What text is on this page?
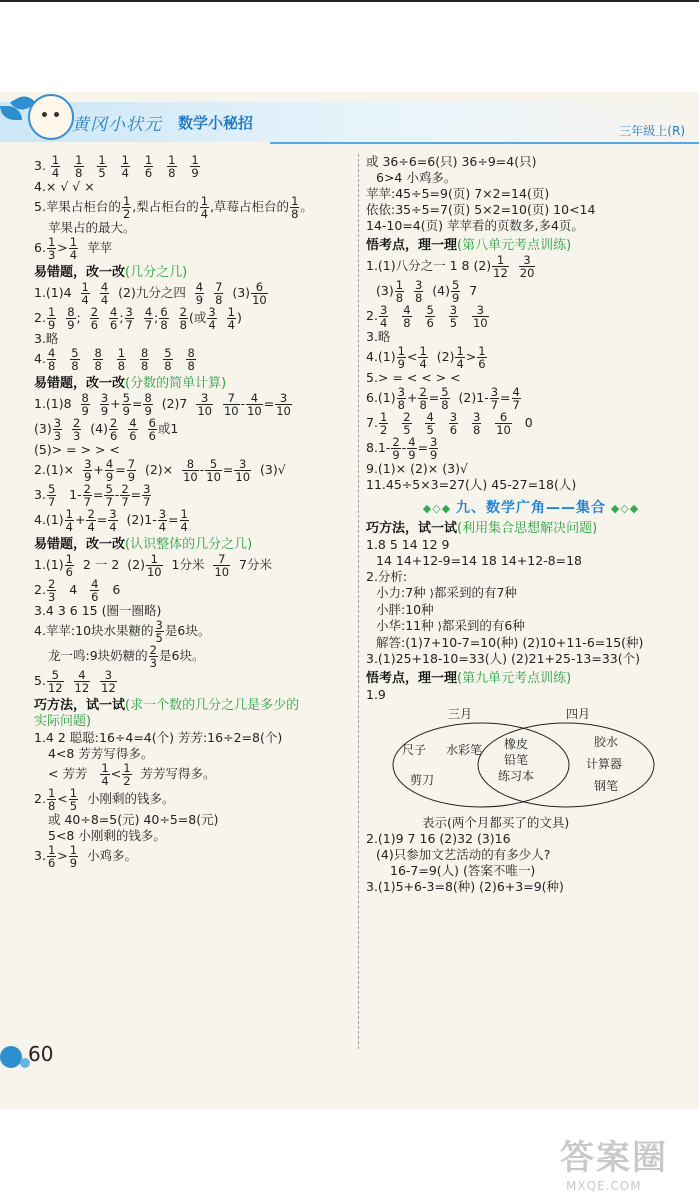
黄冈小状元 数学小秘招	三年级上(R)

3. $\frac{1}{4}$
$\frac{1}{8}$
$\frac{1}{5}$
$\frac{1}{4}$
$\frac{1}{6}$
$\frac{1}{8}$
$\frac{1}{9}$

4.× √ √ ×

5.苹果占柜台的 $\frac{1}{2}$ ,梨占柜台的 $\frac{1}{4}$ ,草莓占柜台的 $\frac{1}{8}$ 。

苹果占的最大。

6. $\frac{1}{3} > \frac{1}{4}$ 苹苹

易错题，改一改(几分之几)

$1.(1)4 \frac{1}{4}$
$\frac{4}{4} (2)$九分之四 $\frac{4}{9}$
$\frac{7}{8} (3) \frac{6}{10}$

2. $\frac{1}{9}$
$\frac{8}{9}$ ; $\frac{2}{6}$
$\frac{4}{6}$ ; $\frac{3}{7}$
$\frac{4}{7}$ ; $\frac{6}{8}$
$\frac{2}{8}$ (或 $\frac{3}{4}$
$\frac{1}{4}$ )

3.略

4. $\frac{4}{8}$
$\frac{5}{8}$
$\frac{8}{8}$
$\frac{1}{8}$
$\frac{8}{8}$
$\frac{5}{8}$
$\frac{8}{8}$

易错题，改一改(分数的简单计算)

$1.(1)8 \frac{8}{9}$
$\frac{3}{9} + \frac{5}{9} = \frac{8}{9} (2)7 \frac{3}{10}$
$\frac{7}{10} - \frac{4}{10} = \frac{3}{10}$

$(3) \frac{3}{3}$
$\frac{2}{3} (4) \frac{2}{6}$
$\frac{4}{6}$
$\frac{6}{6}$ 或1

(5)> = > > <

$2.(1)\times \frac{3}{9} + \frac{4}{9} = \frac{7}{9} (2)\times \frac{8}{10} - \frac{5}{10} = \frac{3}{10} (3)√$

3. $\frac{5}{7} 1- \frac{2}{7} = \frac{5}{7} - \frac{2}{7} = \frac{3}{7}$

$4.(1) \frac{1}{4} + \frac{2}{4} = \frac{3}{4} (2)1- \frac{3}{4} = \frac{1}{4}$

易错题，改一改(认识整体的几分之几)

$1.(1) \frac{1}{6} 2$ 一 2 $(2) \frac{1}{10} 1$分米 $\frac{7}{10} 7$分米

2. $\frac{2}{3} 4 \frac{4}{6} 6$

3.4 3 6 15 (圈一圈略)

4.苹苹:10块水果糖的 $\frac{3}{5}$ 是6块。

龙一鸣:9块奶糖的 $\frac{2}{3}$ 是6块。

5. $\frac{5}{12}$
$\frac{4}{12}$
$\frac{3}{12}$

巧方法，试一试(求一个数的几分之几是多少的

实际问题)

1.4 2 聪聪:16÷4=4(个) 芳芳:16÷2=8(个)

4<8 芳芳写得多。

< 芳芳 $\frac{1}{4} < \frac{1}{2}$ 芳芳写得多。

2. $\frac{1}{8} < \frac{1}{5}$ 小刚剩的钱多。

或 40÷8=5(元) 40÷5=8(元)

5<8 小刚剩的钱多。

3. $\frac{1}{6} > \frac{1}{9}$ 小鸡多。

或 36÷6=6(只) 36÷9=4(只)

6>4 小鸡多。

苹苹:45÷5=9(页) 7×2=14(页)

依依:35÷5=7(页) 5×2=10(页) 10<14

14-10=4(页) 苹苹看的页数多,多4页。

悟考点，理一理(第八单元考点训练)

1.(1)八分之一 1 8 $(2) \frac{1}{12}$
$\frac{3}{20}$

$(3) \frac{1}{8}$
$\frac{3}{8} (4) \frac{5}{9} 7$

2. $\frac{3}{4}$
$\frac{4}{8}$
$\frac{5}{6}$
$\frac{3}{5}$
$\frac{3}{10}$

3.略

$4.(1) \frac{1}{9} < \frac{1}{4} (2) \frac{1}{4} > \frac{1}{6}$

5.> = < < > <

$6.(1) \frac{3}{8} + \frac{2}{8} = \frac{5}{8} (2)1- \frac{3}{7} = \frac{4}{7}$

7. $\frac{1}{2}$
$\frac{2}{5}$
$\frac{4}{5}$
$\frac{3}{6}$
$\frac{3}{8}$
$\frac{6}{10} 0$

$8.1- \frac{2}{9} - \frac{4}{9} = \frac{3}{9}$

9.(1)× (2)× (3)√

11.45÷5×3=27(人) 45-27=18(人)

◆◇◆ 九、数学广角——集合 ◆◇◆

巧方法，试一试(利用集合思想解决问题)

1.8 5 14 12 9

14 14+12-9=14 18 14+12-8=18

2.分析:

小力:7种 ⟩都采到的有7种

小胖:10种

小华:11种 ⟩都采到的有6种

解答:(1)7+10-7=10(种) (2)10+11-6=15(种)

3.(1)25+18-10=33(人) (2)21+25-13=33(个)

悟考点，理一理(第九单元考点训练)

1.9

三月	四月
尺子 水彩笔
剪刀
橡皮
铅笔
练习本
胶水
计算器
钢笔

表示(两个月都买了的文具)

2.(1)9 7 16 (2)32 (3)16

(4)只参加文艺活动的有多少人?

16-7=9(人) (答案不唯一)

3.(1)5+6-3=8(种) (2)6+3=9(种)

60
答案圈
MXQE.COM
